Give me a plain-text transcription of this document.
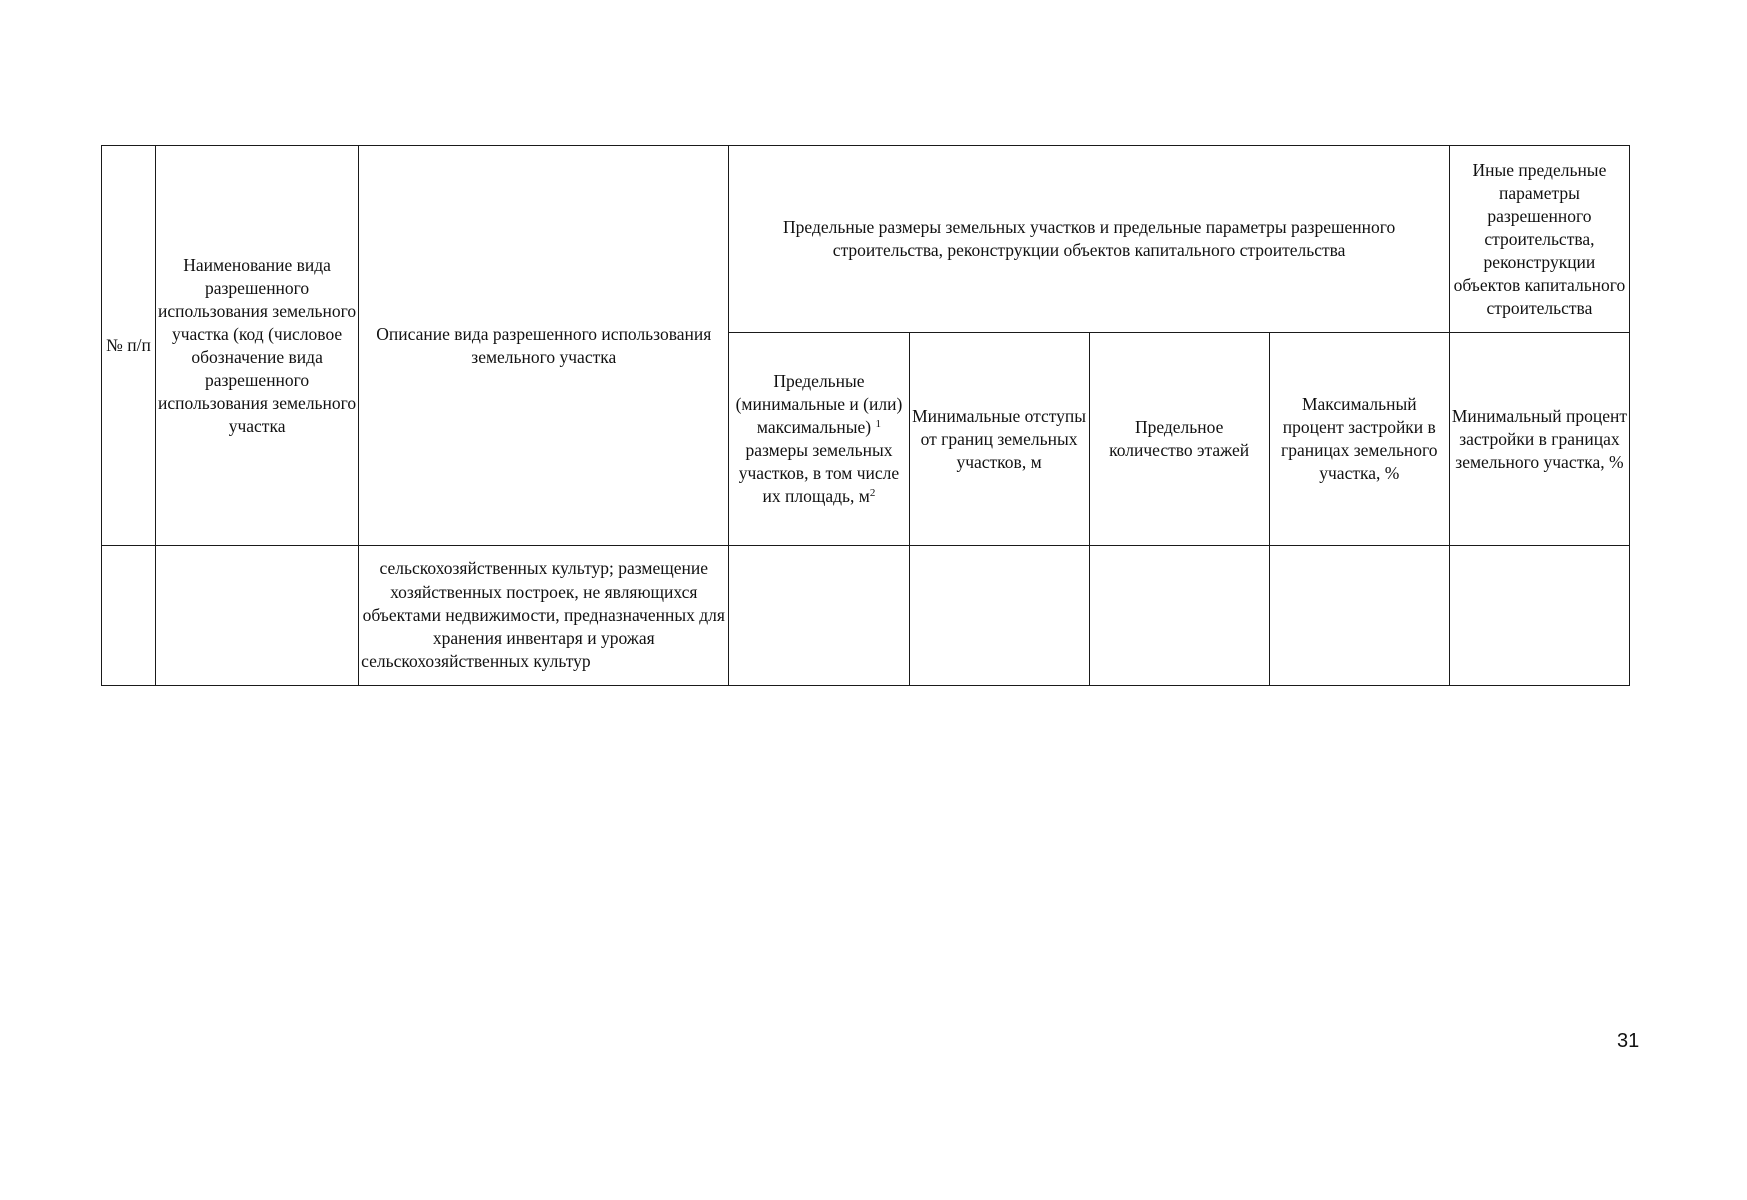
№ п/п	Наименование вида разрешенного использования земельного участка (код (числовое обозначение вида разрешенного использования земельного участка	Описание вида разрешенного использования земельного участка	Предельные размеры земельных участков и предельные параметры разрешенного строительства, реконструкции объектов капитального строительства				Иные предельные параметры разрешенного строительства, реконструкции объектов капитального строительства
			Предельные (минимальные и (или) максимальные) $^1$ размеры земельных участков, в том числе их площадь, $м^2$	Минимальные отступы от границ земельных участков, м	Предельное количество этажей	Максимальный процент застройки в границах земельного участка, %	Минимальный процент застройки в границах земельного участка, %
		сельскохозяйственных культур; размещение хозяйственных построек, не являющихся объектами недвижимости, предназначенных для хранения инвентаря и урожая сельскохозяйственных культур					
31
